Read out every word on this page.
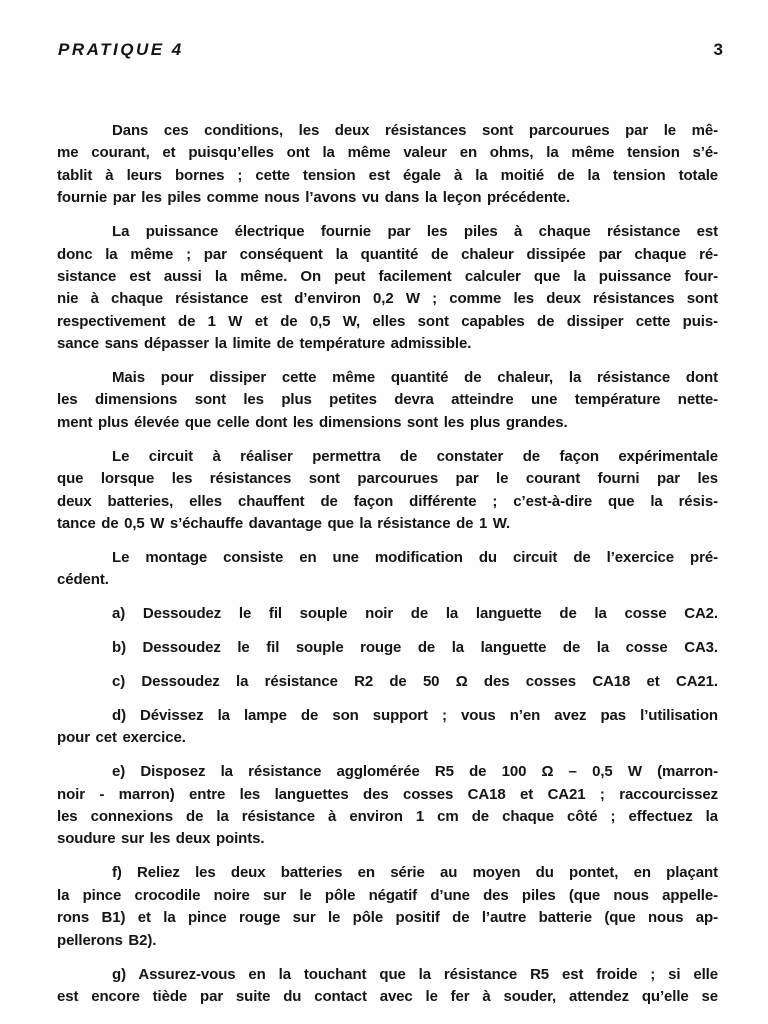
PRATIQUE 4	3

Dans ces conditions, les deux résistances sont parcourues par le mê-
me courant, et puisqu’elles ont la même valeur en ohms, la même tension s’é-
tablit à leurs bornes ; cette tension est égale à la moitié de la tension totale
fournie par les piles comme nous l’avons vu dans la leçon précédente.

La puissance électrique fournie par les piles à chaque résistance est
donc la même ; par conséquent la quantité de chaleur dissipée par chaque ré-
sistance est aussi la même. On peut facilement calculer que la puissance four-
nie à chaque résistance est d’environ 0,2 W ; comme les deux résistances sont
respectivement de 1 W et de 0,5 W, elles sont capables de dissiper cette puis-
sance sans dépasser la limite de température admissible.

Mais pour dissiper cette même quantité de chaleur, la résistance dont
les dimensions sont les plus petites devra atteindre une température nette-
ment plus élevée que celle dont les dimensions sont les plus grandes.

Le circuit à réaliser permettra de constater de façon expérimentale
que lorsque les résistances sont parcourues par le courant fourni par les
deux batteries, elles chauffent de façon différente ; c’est-à-dire que la résis-
tance de 0,5 W s’échauffe davantage que la résistance de 1 W.

Le montage consiste en une modification du circuit de l’exercice pré-
cédent.

a) Dessoudez le fil souple noir de la languette de la cosse CA2.

b) Dessoudez le fil souple rouge de la languette de la cosse CA3.

c) Dessoudez la résistance R2 de 50 Ω des cosses CA18 et CA21.

d) Dévissez la lampe de son support ; vous n’en avez pas l’utilisation
pour cet exercice.

e) Disposez la résistance agglomérée R5 de 100 Ω – 0,5 W (marron-
noir - marron) entre les languettes des cosses CA18 et CA21 ; raccourcissez
les connexions de la résistance à environ 1 cm de chaque côté ; effectuez la
soudure sur les deux points.

f) Reliez les deux batteries en série au moyen du pontet, en plaçant
la pince crocodile noire sur le pôle négatif d’une des piles (que nous appelle-
rons B1) et la pince rouge sur le pôle positif de l’autre batterie (que nous ap-
pellerons B2).

g) Assurez-vous en la touchant que la résistance R5 est froide ; si elle
est encore tiède par suite du contact avec le fer à souder, attendez qu’elle se
